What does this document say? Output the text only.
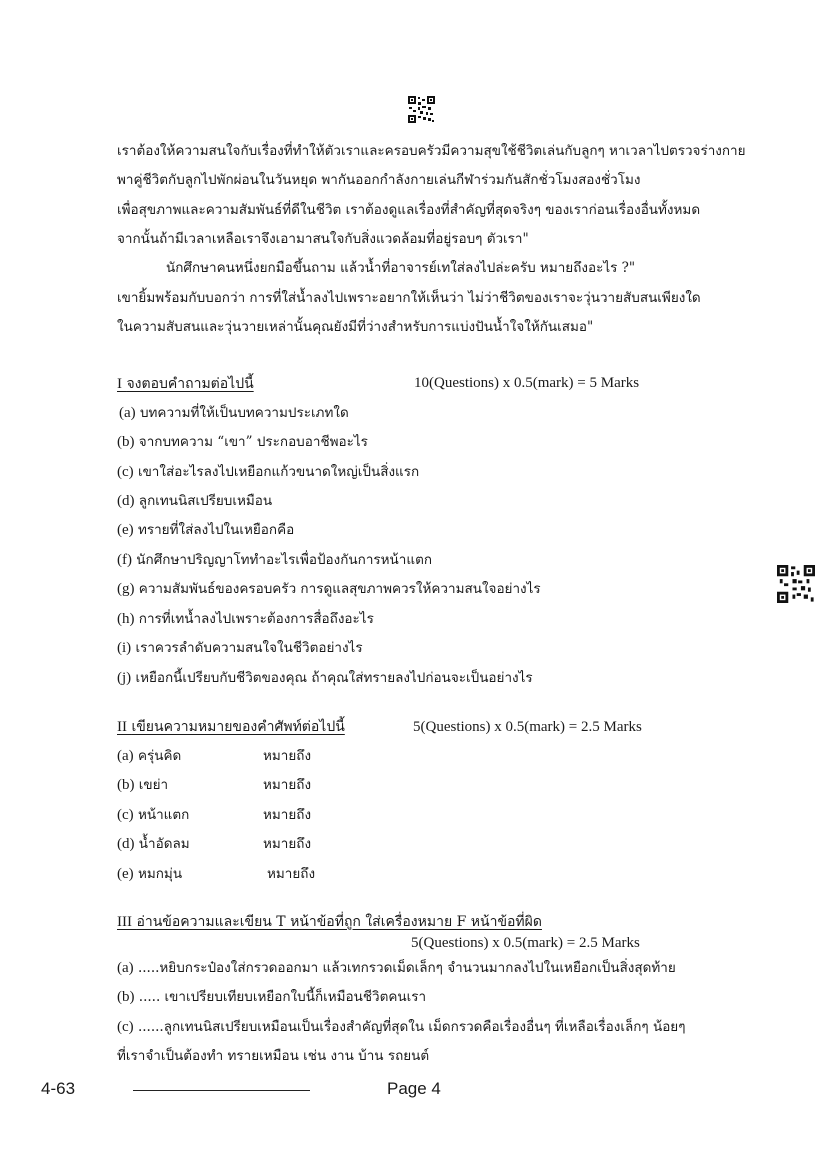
เราต้องให้ความสนใจกับเรื่องที่ทำให้ตัวเราและครอบครัวมีความสุขใช้ชีวิตเล่นกับลูกๆ หาเวลาไปตรวจร่างกาย
พาคู่ชีวิตกับลูกไปพักผ่อนในวันหยุด พากันออกกำลังกายเล่นกีฬาร่วมกันสักชั่วโมงสองชั่วโมง
เพื่อสุขภาพและความสัมพันธ์ที่ดีในชีวิต เราต้องดูแลเรื่องที่สำคัญที่สุดจริงๆ ของเราก่อนเรื่องอื่นทั้งหมด
จากนั้นถ้ามีเวลาเหลือเราจึงเอามาสนใจกับสิ่งแวดล้อมที่อยู่รอบๆ ตัวเรา"
นักศึกษาคนหนึ่งยกมือขึ้นถาม แล้วน้ำที่อาจารย์เทใส่ลงไปล่ะครับ หมายถึงอะไร ?"
เขายิ้มพร้อมกับบอกว่า การที่ใส่น้ำลงไปเพราะอยากให้เห็นว่า ไม่ว่าชีวิตของเราจะวุ่นวายสับสนเพียงใด
ในความสับสนและวุ่นวายเหล่านั้นคุณยังมีที่ว่างสำหรับการแบ่งปันน้ำใจให้กันเสมอ"
I จงตอบคำถามต่อไปนี้	10(Questions) x 0.5(mark) = 5 Marks
(a) บทความที่ให้เป็นบทความประเภทใด
(b) จากบทความ “เขา” ประกอบอาชีพอะไร
(c) เขาใส่อะไรลงไปเหยือกแก้วขนาดใหญ่เป็นสิ่งแรก
(d) ลูกเทนนิสเปรียบเหมือน
(e) ทรายที่ใส่ลงไปในเหยือกคือ
(f) นักศึกษาปริญญาโททำอะไรเพื่อป้องกันการหน้าแตก
(g) ความสัมพันธ์ของครอบครัว การดูแลสุขภาพควรให้ความสนใจอย่างไร
(h) การที่เทน้ำลงไปเพราะต้องการสื่อถึงอะไร
(i) เราควรลำดับความสนใจในชีวิตอย่างไร
(j) เหยือกนี้เปรียบกับชีวิตของคุณ ถ้าคุณใส่ทรายลงไปก่อนจะเป็นอย่างไร
II เขียนความหมายของคำศัพท์ต่อไปนี้	5(Questions) x 0.5(mark) = 2.5 Marks
(a) ครุ่นคิด	หมายถึง
(b) เขย่า	หมายถึง
(c) หน้าแตก	หมายถึง
(d) น้ำอัดลม	หมายถึง
(e) หมกมุ่น	หมายถึง
III อ่านข้อความและเขียน T หน้าข้อที่ถูก ใส่เครื่องหมาย F หน้าข้อที่ผิด
5(Questions) x 0.5(mark) = 2.5 Marks
(a) .....หยิบกระป๋องใส่กรวดออกมา แล้วเทกรวดเม็ดเล็กๆ จำนวนมากลงไปในเหยือกเป็นสิ่งสุดท้าย
(b) ..... เขาเปรียบเทียบเหยือกใบนี้ก็เหมือนชีวิตคนเรา
(c) ......ลูกเทนนิสเปรียบเหมือนเป็นเรื่องสำคัญที่สุดใน เม็ดกรวดคือเรื่องอื่นๆ ที่เหลือเรื่องเล็กๆ น้อยๆ
ที่เราจำเป็นต้องทำ ทรายเหมือน เช่น งาน บ้าน รถยนต์
4-63	Page 4
